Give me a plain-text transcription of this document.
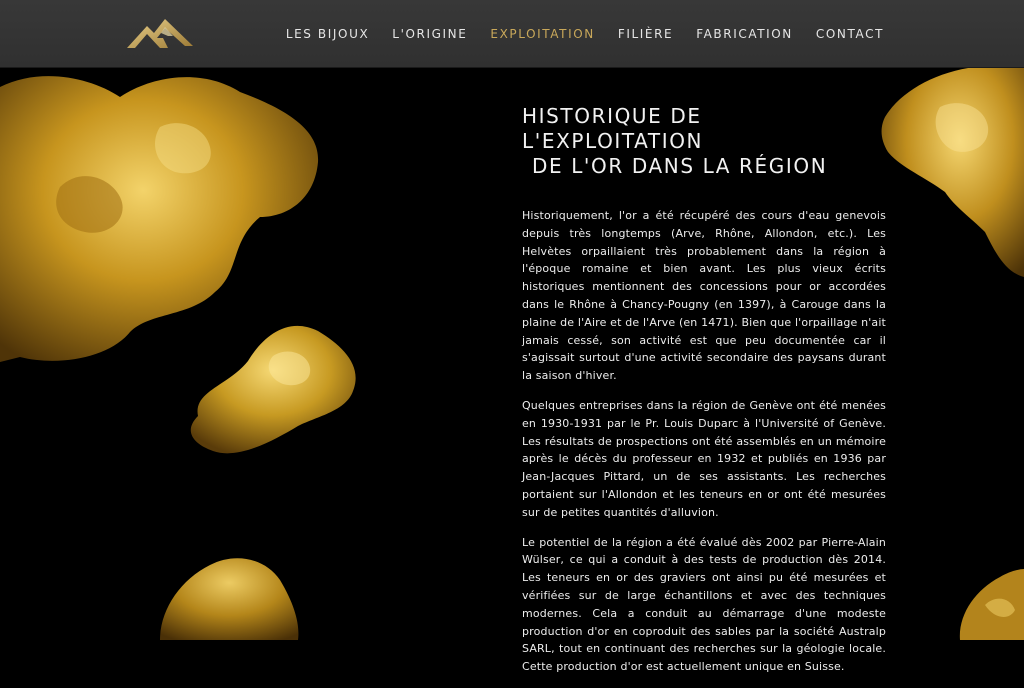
LES BIJOUX L'ORIGINE EXPLOITATION FILIÈRE FABRICATION CONTACT
HISTORIQUE DE L'EXPLOITATION
DE L'OR DANS LA RÉGION

Historiquement, l'or a été récupéré des cours d'eau genevois depuis très longtemps (Arve, Rhône, Allondon, etc.). Les Helvètes orpaillaient très probablement dans la région à l'époque romaine et bien avant. Les plus vieux écrits historiques mentionnent des concessions pour or accordées dans le Rhône à Chancy-Pougny (en 1397), à Carouge dans la plaine de l'Aire et de l'Arve (en 1471). Bien que l'orpaillage n'ait jamais cessé, son activité est que peu documentée car il s'agissait surtout d'une activité secondaire des paysans durant la saison d'hiver.

Quelques entreprises dans la région de Genève ont été menées en 1930-1931 par le Pr. Louis Duparc à l'Université of Genève. Les résultats de prospections ont été assemblés en un mémoire après le décès du professeur en 1932 et publiés en 1936 par Jean-Jacques Pittard, un de ses assistants. Les recherches portaient sur l'Allondon et les teneurs en or ont été mesurées sur de petites quantités d'alluvion.

Le potentiel de la région a été évalué dès 2002 par Pierre-Alain Wülser, ce qui a conduit à des tests de production dès 2014. Les teneurs en or des graviers ont ainsi pu été mesurées et vérifiées sur de large échantillons et avec des techniques modernes. Cela a conduit au démarrage d'une modeste production d'or en coproduit des sables par la société Australp SARL, tout en continuant des recherches sur la géologie locale. Cette production d'or est actuellement unique en Suisse.
